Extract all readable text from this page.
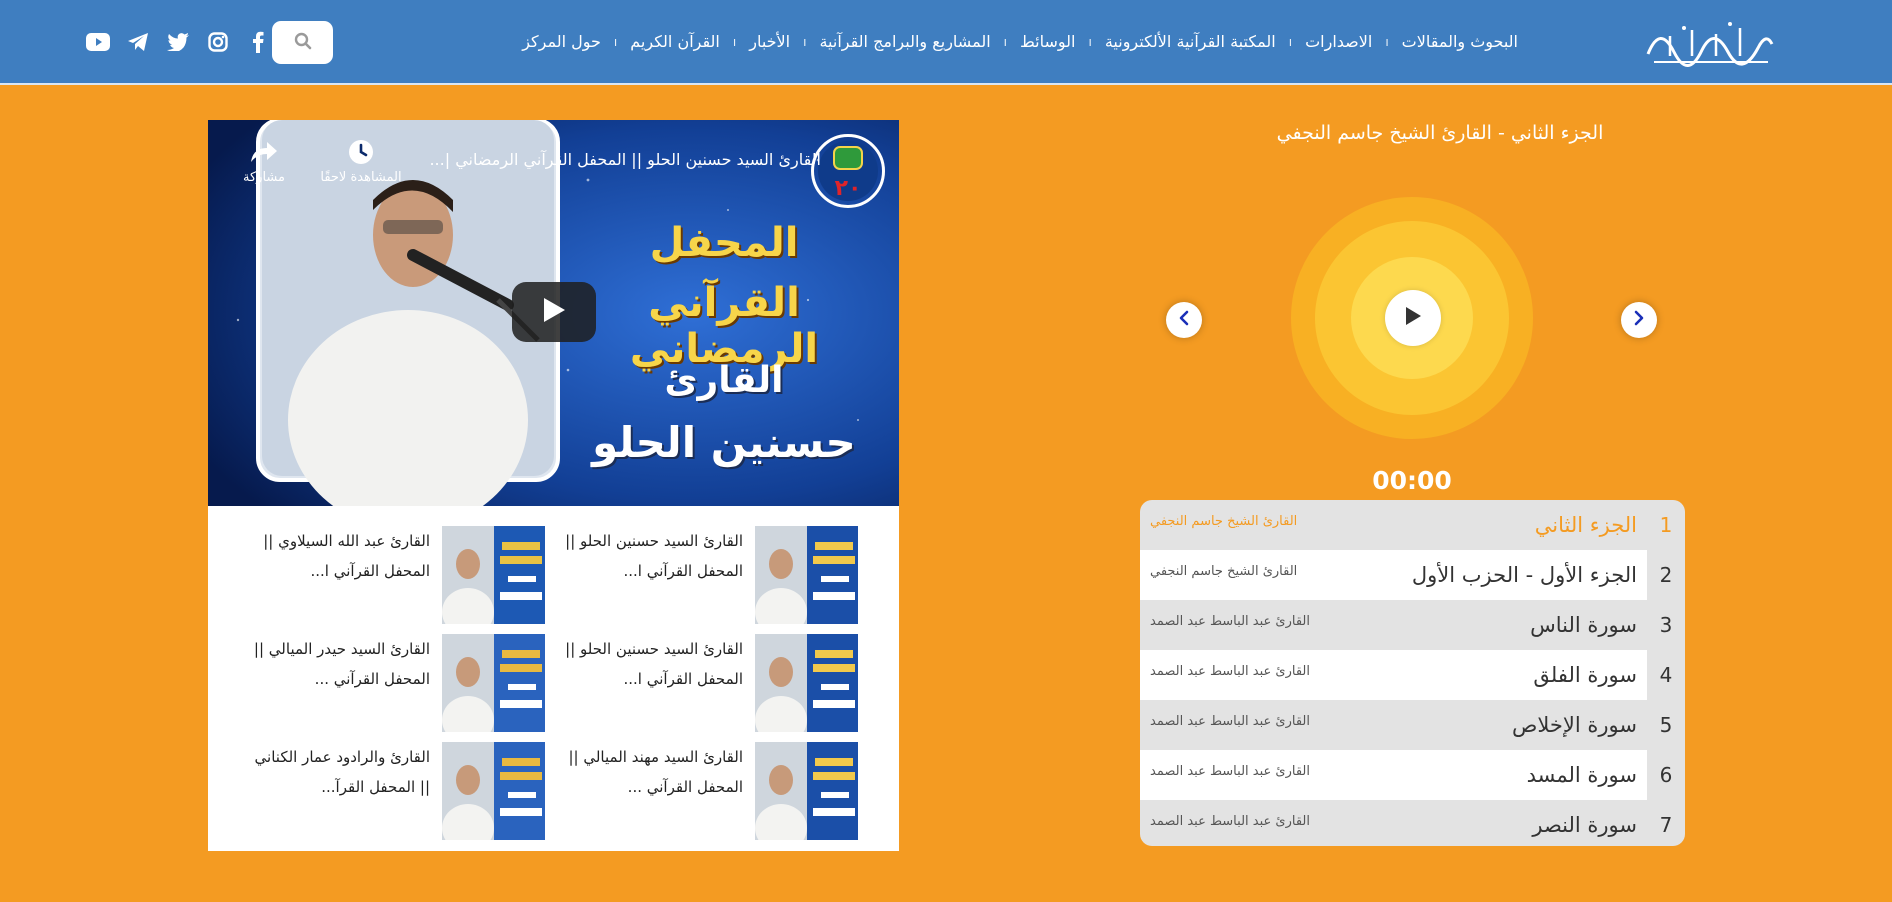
حول المركز ı القرآن الكريم ı الأخبار ı المشاريع والبرامج القرآنية ı الوسائط ı المكتبة القرآنية الألكترونية ı الاصدارات ı البحوث والمقالات
٢٠
القارئ السيد حسنين الحلو || المحفل القرآني الرمضاني |...
مشاركة	المشاهدة لاحقًا
المحفل
القرآني الرمضاني
القارئ
حسنين الحلو
القارئ السيد حسنين الحلو ||
المحفل القرآني ا...
القارئ عبد الله السيلاوي ||
المحفل القرآني ا...
القارئ السيد حسنين الحلو ||
المحفل القرآني ا...
القارئ السيد حيدر الميالي ||
المحفل القرآني ...
القارئ السيد مهند الميالي ||
المحفل القرآني ...
القارئ والرادود عمار الكناني
|| المحفل القرآ...
الجزء الثاني - القارئ الشيخ جاسم النجفي
00:00
1
الجزء الثاني
القارئ الشيخ جاسم النجفي
2
الجزء الأول - الحزب الأول
القارئ الشيخ جاسم النجفي
3
سورة الناس
القارئ عبد الباسط عبد الصمد
4
سورة الفلق
القارئ عبد الباسط عبد الصمد
5
سورة الإخلاص
القارئ عبد الباسط عبد الصمد
6
سورة المسد
القارئ عبد الباسط عبد الصمد
7
سورة النصر
القارئ عبد الباسط عبد الصمد
